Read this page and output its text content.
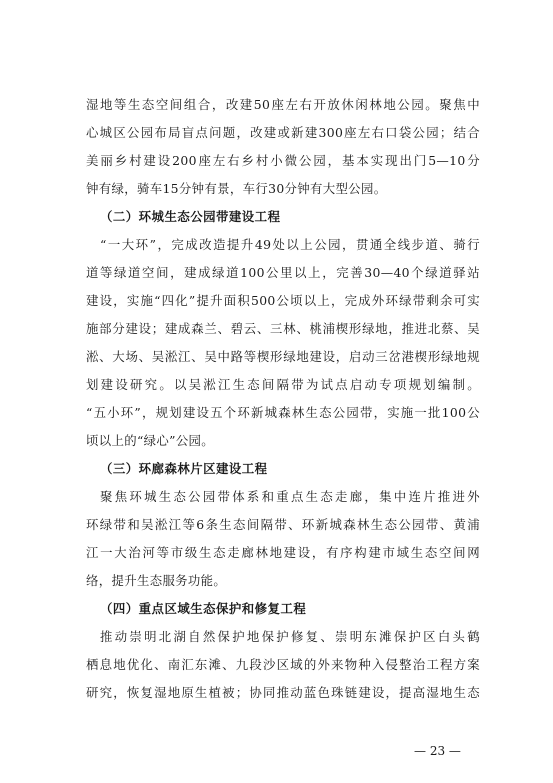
湿地等生态空间组合，改建50座左右开放休闲林地公园。聚焦中
心城区公园布局盲点问题，改建或新建300座左右口袋公园；结合
美丽乡村建设200座左右乡村小微公园，基本实现出门5—10分
钟有绿，骑车15分钟有景，车行30分钟有大型公园。
（二）环城生态公园带建设工程
“一大环”，完成改造提升49处以上公园，贯通全线步道、骑行
道等绿道空间，建成绿道100公里以上，完善30—40个绿道驿站
建设，实施“四化”提升面积500公顷以上，完成外环绿带剩余可实
施部分建设；建成森兰、碧云、三林、桃浦楔形绿地，推进北蔡、吴
淞、大场、吴淞江、吴中路等楔形绿地建设，启动三岔港楔形绿地规
划建设研究。以吴淞江生态间隔带为试点启动专项规划编制。
“五小环”，规划建设五个环新城森林生态公园带，实施一批100公
顷以上的“绿心”公园。
（三）环廊森林片区建设工程
聚焦环城生态公园带体系和重点生态走廊，集中连片推进外
环绿带和吴淞江等6条生态间隔带、环新城森林生态公园带、黄浦
江一大治河等市级生态走廊林地建设，有序构建市域生态空间网
络，提升生态服务功能。
（四）重点区域生态保护和修复工程
推动崇明北湖自然保护地保护修复、崇明东滩保护区白头鹤
栖息地优化、南汇东滩、九段沙区域的外来物种入侵整治工程方案
研究，恢复湿地原生植被；协同推动蓝色珠链建设，提高湿地生态
— 23 —
